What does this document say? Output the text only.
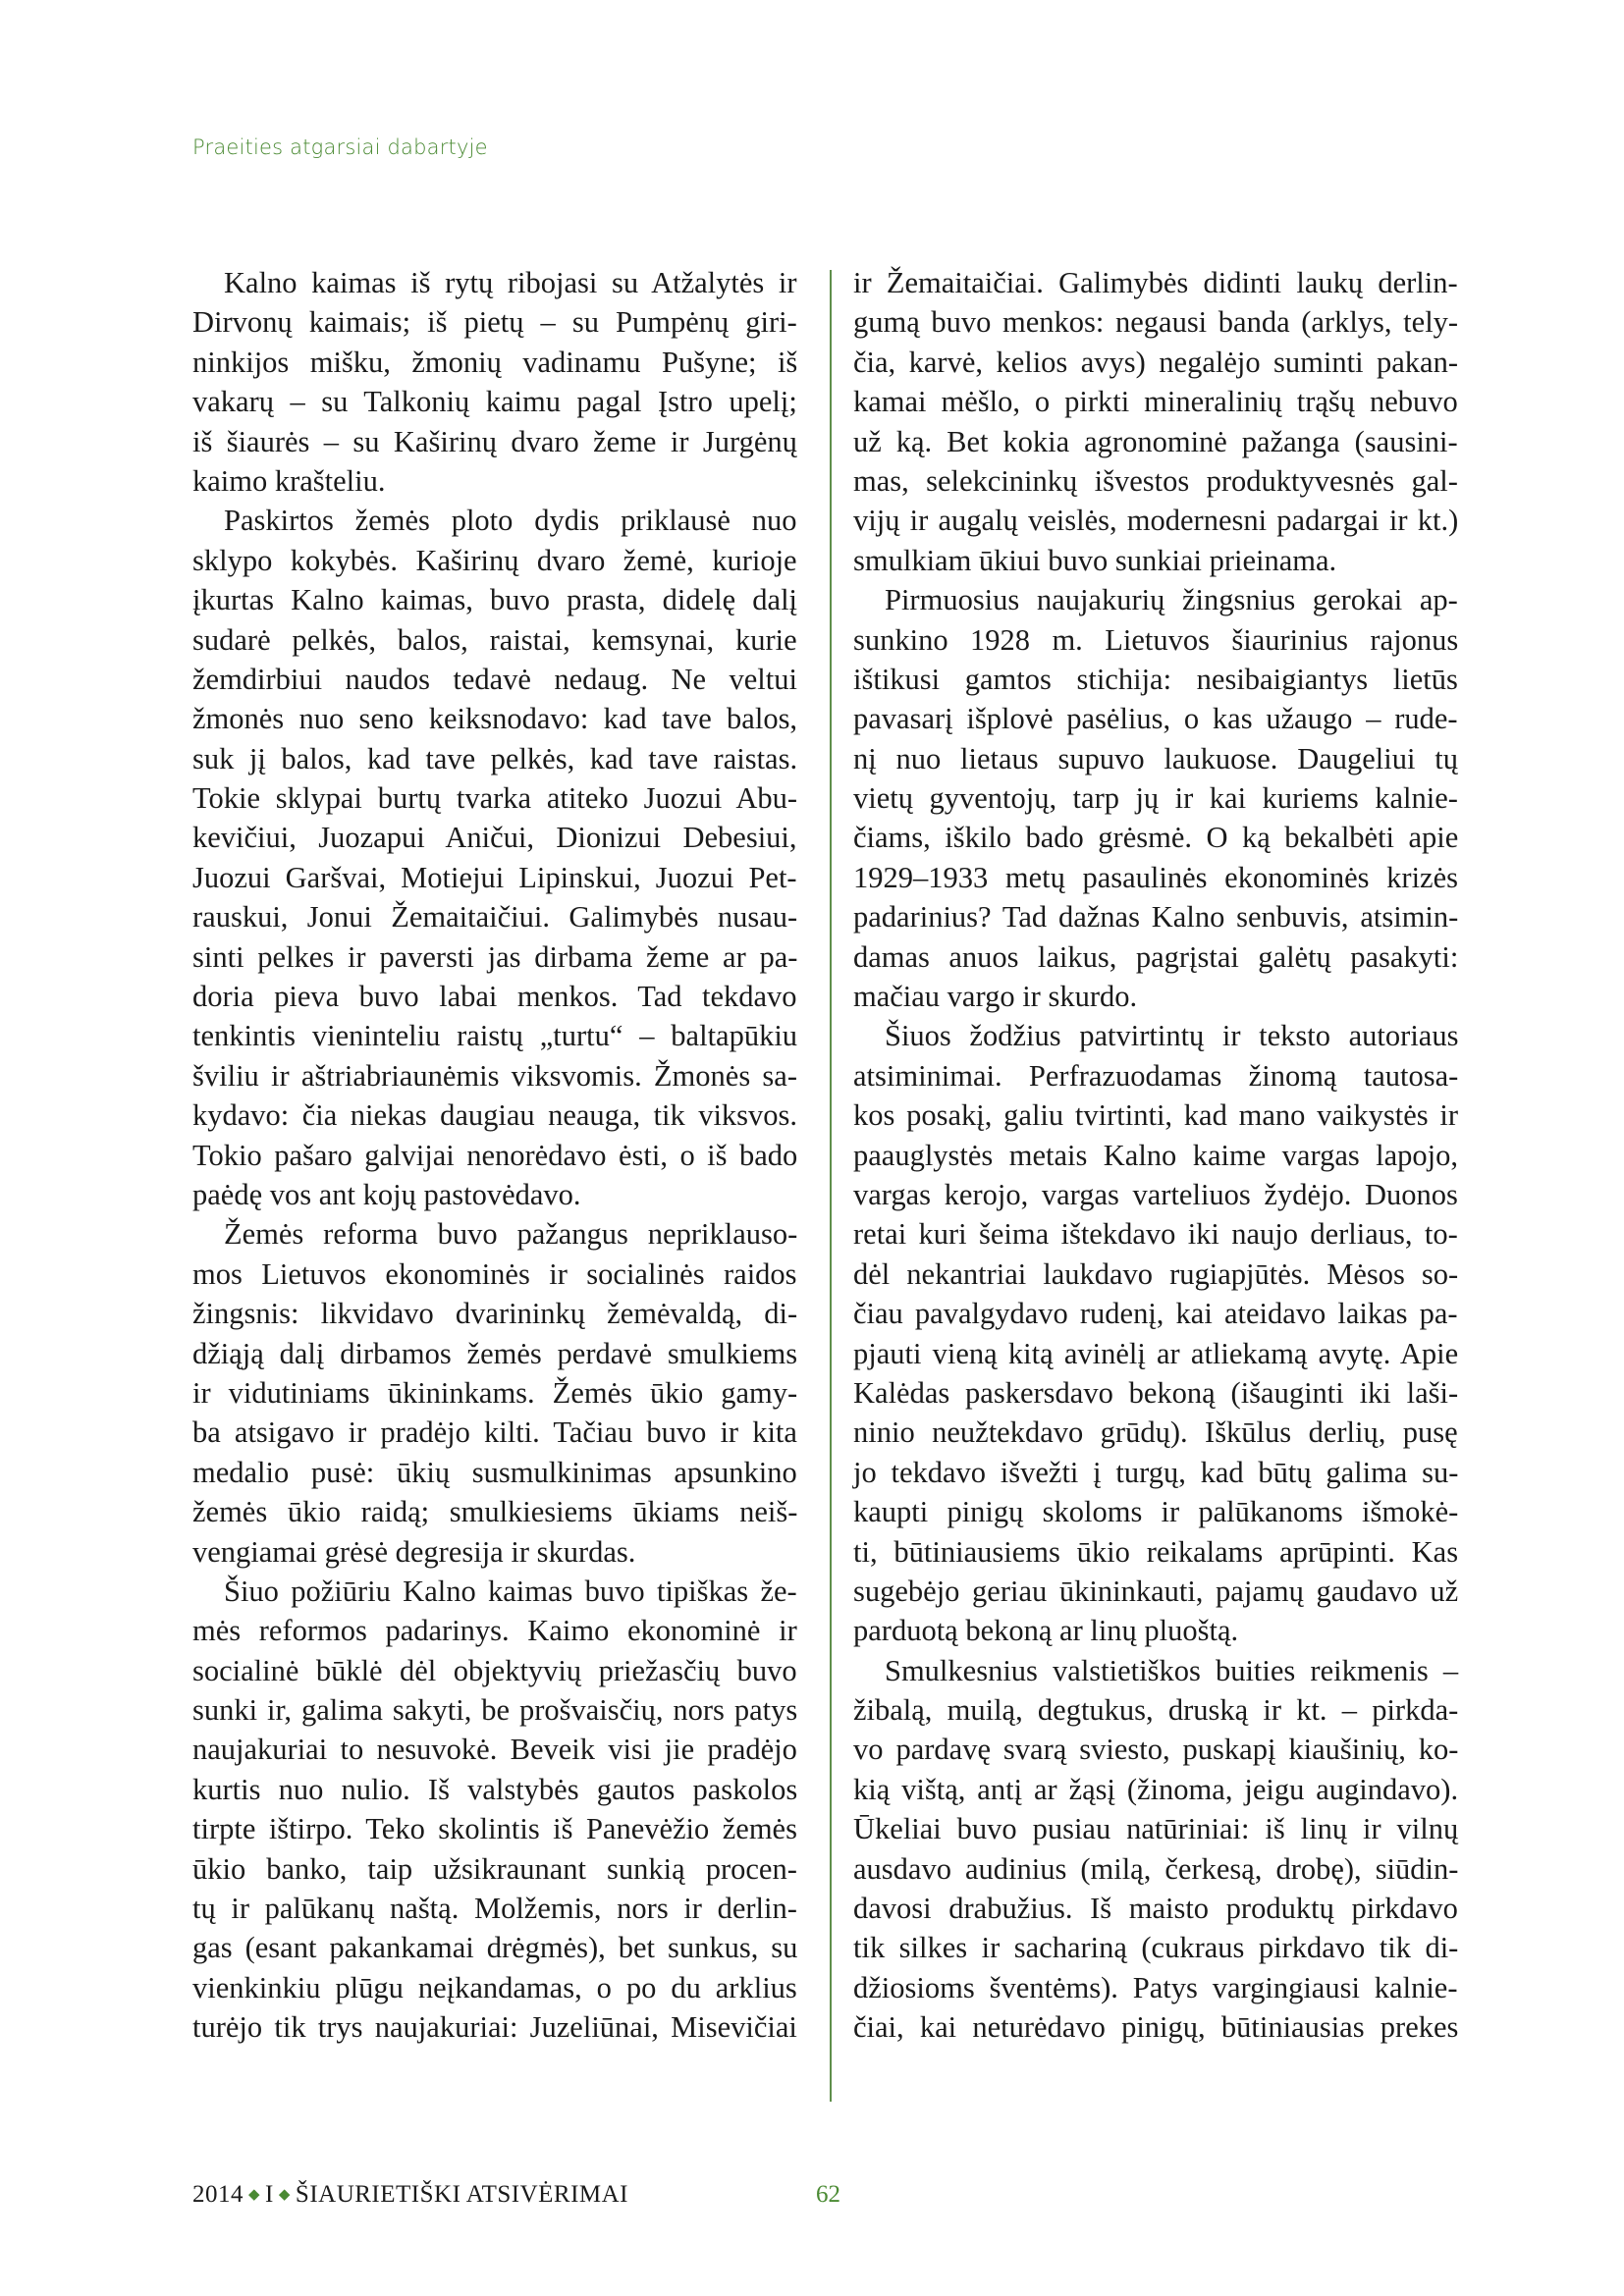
Praeities atgarsiai dabartyje
Kalno kaimas iš rytų ribojasi su Atžalytės ir
Dirvonų kaimais; iš pietų – su Pumpėnų giri-
ninkijos mišku, žmonių vadinamu Pušyne; iš
vakarų – su Talkonių kaimu pagal Įstro upelį;
iš šiaurės – su Kaširinų dvaro žeme ir Jurgėnų
kaimo krašteliu.
Paskirtos žemės ploto dydis priklausė nuo
sklypo kokybės. Kaširinų dvaro žemė, kurioje
įkurtas Kalno kaimas, buvo prasta, didelę dalį
sudarė pelkės, balos, raistai, kemsynai, kurie
žemdirbiui naudos tedavė nedaug. Ne veltui
žmonės nuo seno keiksnodavo: kad tave balos,
suk jį balos, kad tave pelkės, kad tave raistas.
Tokie sklypai burtų tvarka atiteko Juozui Abu-
kevičiui, Juozapui Aničui, Dionizui Debesiui,
Juozui Garšvai, Motiejui Lipinskui, Juozui Pet-
rauskui, Jonui Žemaitaičiui. Galimybės nusau-
sinti pelkes ir paversti jas dirbama žeme ar pa-
doria pieva buvo labai menkos. Tad tekdavo
tenkintis vieninteliu raistų „turtu“ – baltapūkiu
šviliu ir aštriabriaunėmis viksvomis. Žmonės sa-
kydavo: čia niekas daugiau neauga, tik viksvos.
Tokio pašaro galvijai nenorėdavo ėsti, o iš bado
paėdę vos ant kojų pastovėdavo.
Žemės reforma buvo pažangus nepriklauso-
mos Lietuvos ekonominės ir socialinės raidos
žingsnis: likvidavo dvarininkų žemėvaldą, di-
džiąją dalį dirbamos žemės perdavė smulkiems
ir vidutiniams ūkininkams. Žemės ūkio gamy-
ba atsigavo ir pradėjo kilti. Tačiau buvo ir kita
medalio pusė: ūkių susmulkinimas apsunkino
žemės ūkio raidą; smulkiesiems ūkiams neiš-
vengiamai grėsė degresija ir skurdas.
Šiuo požiūriu Kalno kaimas buvo tipiškas že-
mės reformos padarinys. Kaimo ekonominė ir
socialinė būklė dėl objektyvių priežasčių buvo
sunki ir, galima sakyti, be prošvaisčių, nors patys
naujakuriai to nesuvokė. Beveik visi jie pradėjo
kurtis nuo nulio. Iš valstybės gautos paskolos
tirpte ištirpo. Teko skolintis iš Panevėžio žemės
ūkio banko, taip užsikraunant sunkią procen-
tų ir palūkanų naštą. Molžemis, nors ir derlin-
gas (esant pakankamai drėgmės), bet sunkus, su
vienkinkiu plūgu neįkandamas, o po du arklius
turėjo tik trys naujakuriai: Juzeliūnai, Misevičiai
ir Žemaitaičiai. Galimybės didinti laukų derlin-
gumą buvo menkos: negausi banda (arklys, tely-
čia, karvė, kelios avys) negalėjo suminti pakan-
kamai mėšlo, o pirkti mineralinių trąšų nebuvo
už ką. Bet kokia agronominė pažanga (sausini-
mas, selekcininkų išvestos produktyvesnės gal-
vijų ir augalų veislės, modernesni padargai ir kt.)
smulkiam ūkiui buvo sunkiai prieinama.
Pirmuosius naujakurių žingsnius gerokai ap-
sunkino 1928 m. Lietuvos šiaurinius rajonus
ištikusi gamtos stichija: nesibaigiantys lietūs
pavasarį išplovė pasėlius, o kas užaugo – rude-
nį nuo lietaus supuvo laukuose. Daugeliui tų
vietų gyventojų, tarp jų ir kai kuriems kalnie-
čiams, iškilo bado grėsmė. O ką bekalbėti apie
1929–1933 metų pasaulinės ekonominės krizės
padarinius? Tad dažnas Kalno senbuvis, atsimin-
damas anuos laikus, pagrįstai galėtų pasakyti:
mačiau vargo ir skurdo.
Šiuos žodžius patvirtintų ir teksto autoriaus
atsiminimai. Perfrazuodamas žinomą tautosa-
kos posakį, galiu tvirtinti, kad mano vaikystės ir
paauglystės metais Kalno kaime vargas lapojo,
vargas kerojo, vargas varteliuos žydėjo. Duonos
retai kuri šeima ištekdavo iki naujo derliaus, to-
dėl nekantriai laukdavo rugiapjūtės. Mėsos so-
čiau pavalgydavo rudenį, kai ateidavo laikas pa-
pjauti vieną kitą avinėlį ar atliekamą avytę. Apie
Kalėdas paskersdavo bekoną (išauginti iki laši-
ninio neužtekdavo grūdų). Iškūlus derlių, pusę
jo tekdavo išvežti į turgų, kad būtų galima su-
kaupti pinigų skoloms ir palūkanoms išmokė-
ti, būtiniausiems ūkio reikalams aprūpinti. Kas
sugebėjo geriau ūkininkauti, pajamų gaudavo už
parduotą bekoną ar linų pluoštą.
Smulkesnius valstietiškos buities reikmenis –
žibalą, muilą, degtukus, druską ir kt. – pirkda-
vo pardavę svarą sviesto, puskapį kiaušinių, ko-
kią vištą, antį ar žąsį (žinoma, jeigu augindavo).
Ūkeliai buvo pusiau natūriniai: iš linų ir vilnų
ausdavo audinius (milą, čerkesą, drobę), siūdin-
davosi drabužius. Iš maisto produktų pirkdavo
tik silkes ir sachariną (cukraus pirkdavo tik di-
džiosioms šventėms). Patys vargingiausi kalnie-
čiai, kai neturėdavo pinigų, būtiniausias prekes
2014 ◆ I ◆ ŠIAURIETIŠKI ATSIVĖRIMAI	62
